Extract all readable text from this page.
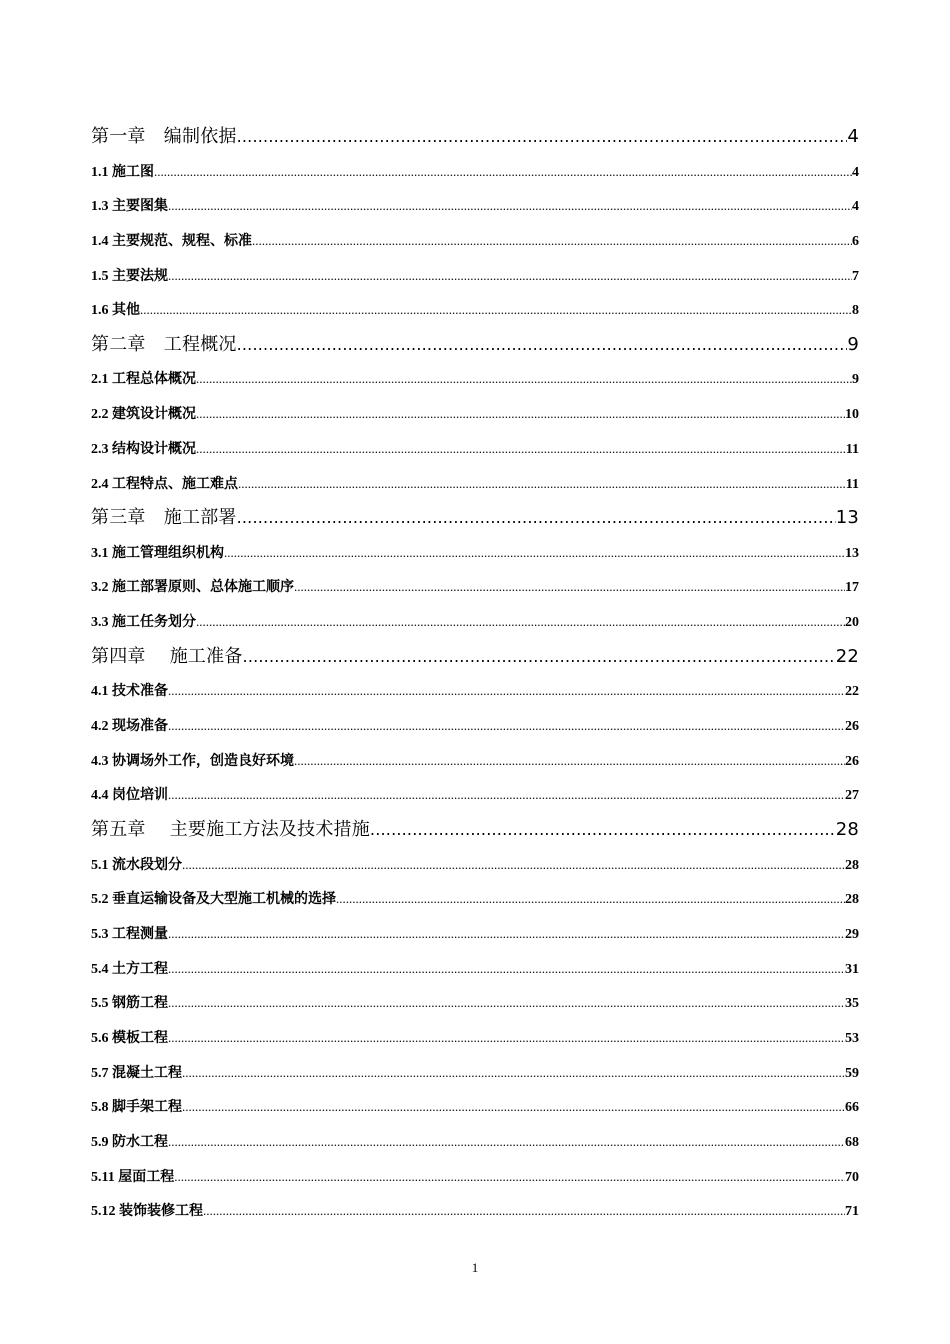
第一章　编制依据 .....	4
1.1 施工图 .....	4
1.3 主要图集 .....	4
1.4 主要规范、规程、标准 .....	6
1.5 主要法规 .....	7
1.6 其他 .....	8
第二章　工程概况 .....	9
2.1 工程总体概况 .....	9
2.2 建筑设计概况 .....	10
2.3 结构设计概况 .....	11
2.4 工程特点、施工难点 .....	11
第三章　施工部署 .....	13
3.1 施工管理组织机构 .....	13
3.2 施工部署原则、总体施工顺序 .....	17
3.3 施工任务划分 .....	20
第四章　 施工准备 .....	22
4.1 技术准备 .....	22
4.2 现场准备 .....	26
4.3 协调场外工作，创造良好环境 .....	26
4.4 岗位培训 .....	27
第五章　 主要施工方法及技术措施 .....	28
5.1 流水段划分 .....	28
5.2 垂直运输设备及大型施工机械的选择 .....	28
5.3 工程测量 .....	29
5.4 土方工程 .....	31
5.5 钢筋工程 .....	35
5.6 模板工程 .....	53
5.7 混凝土工程 .....	59
5.8 脚手架工程 .....	66
5.9 防水工程 .....	68
5.11 屋面工程 .....	70
5.12 装饰装修工程 .....	71
1
